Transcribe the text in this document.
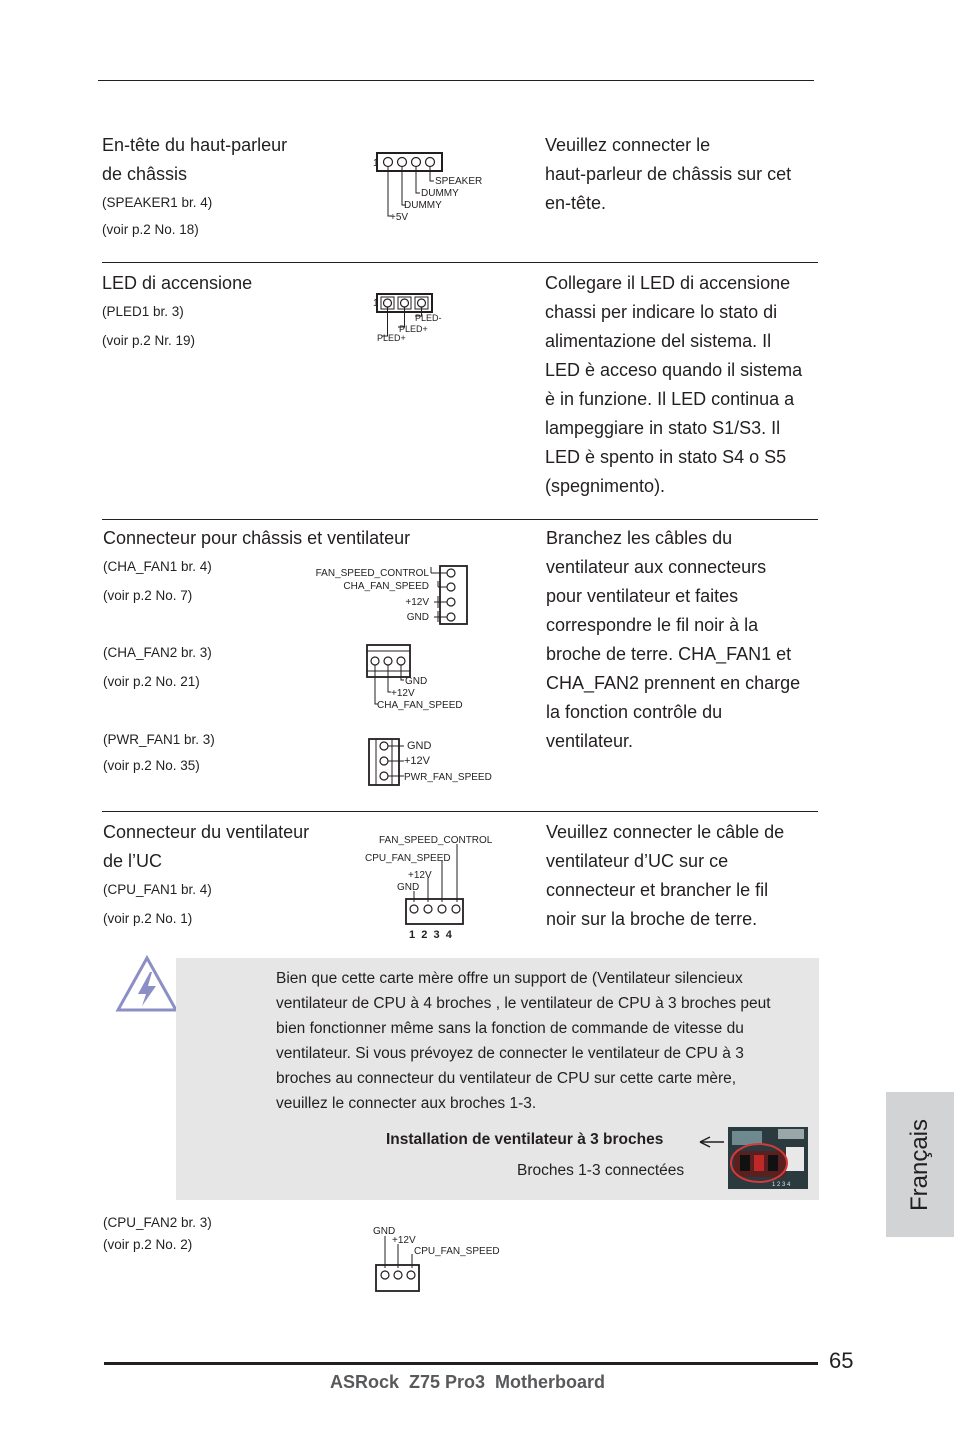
En-tête du haut-parleur
de châssis
(SPEAKER1 br. 4)
(voir p.2 No. 18)
1
SPEAKER
DUMMY
DUMMY
+5V
Veuillez connecter le
haut-parleur de châssis sur cet
en-tête.
LED di accensione
(PLED1 br. 3)
(voir p.2 Nr. 19)
1
PLED-
PLED+
PLED+
Collegare il LED di accensione
chassi per indicare lo stato di
alimentazione del sistema. Il
LED è acceso quando il sistema
è in funzione. Il LED continua a
lampeggiare in stato S1/S3. Il
LED è spento in stato S4 o S5
(spegnimento).
Connecteur pour châssis et ventilateur
(CHA_FAN1 br. 4)
(voir p.2 No. 7)
(CHA_FAN2 br. 3)
(voir p.2 No. 21)
(PWR_FAN1 br. 3)
(voir p.2 No. 35)
FAN_SPEED_CONTROL
CHA_FAN_SPEED
+12V
GND
GND
+12V
CHA_FAN_SPEED
GND
+12V
PWR_FAN_SPEED
Branchez les câbles du
ventilateur aux connecteurs
pour ventilateur et faites
correspondre le fil noir à la
broche de terre. CHA_FAN1 et
CHA_FAN2 prennent en charge
la fonction contrôle du
ventilateur.
Connecteur du ventilateur
de l’UC
(CPU_FAN1 br. 4)
(voir p.2 No. 1)
FAN_SPEED_CONTROL
CPU_FAN_SPEED
+12V
GND
1  2  3  4
Veuillez connecter le câble de
ventilateur d’UC sur ce
connecteur et brancher le fil
noir sur la broche de terre.
Bien que cette carte mère offre un support de (Ventilateur silencieux
ventilateur de CPU à 4 broches , le ventilateur de CPU à 3 broches peut
bien fonctionner même sans la fonction de commande de vitesse du
ventilateur. Si vous prévoyez de connecter le ventilateur de CPU à 3
broches au connecteur du ventilateur de CPU sur cette carte mère,
veuillez le connecter aux broches 1-3.
Installation de ventilateur à 3 broches
Broches 1-3 connectées
1 2 3 4
(CPU_FAN2 br. 3)
(voir p.2 No. 2)
GND
+12V
CPU_FAN_SPEED
Français
65
ASRock  Z75 Pro3  Motherboard
